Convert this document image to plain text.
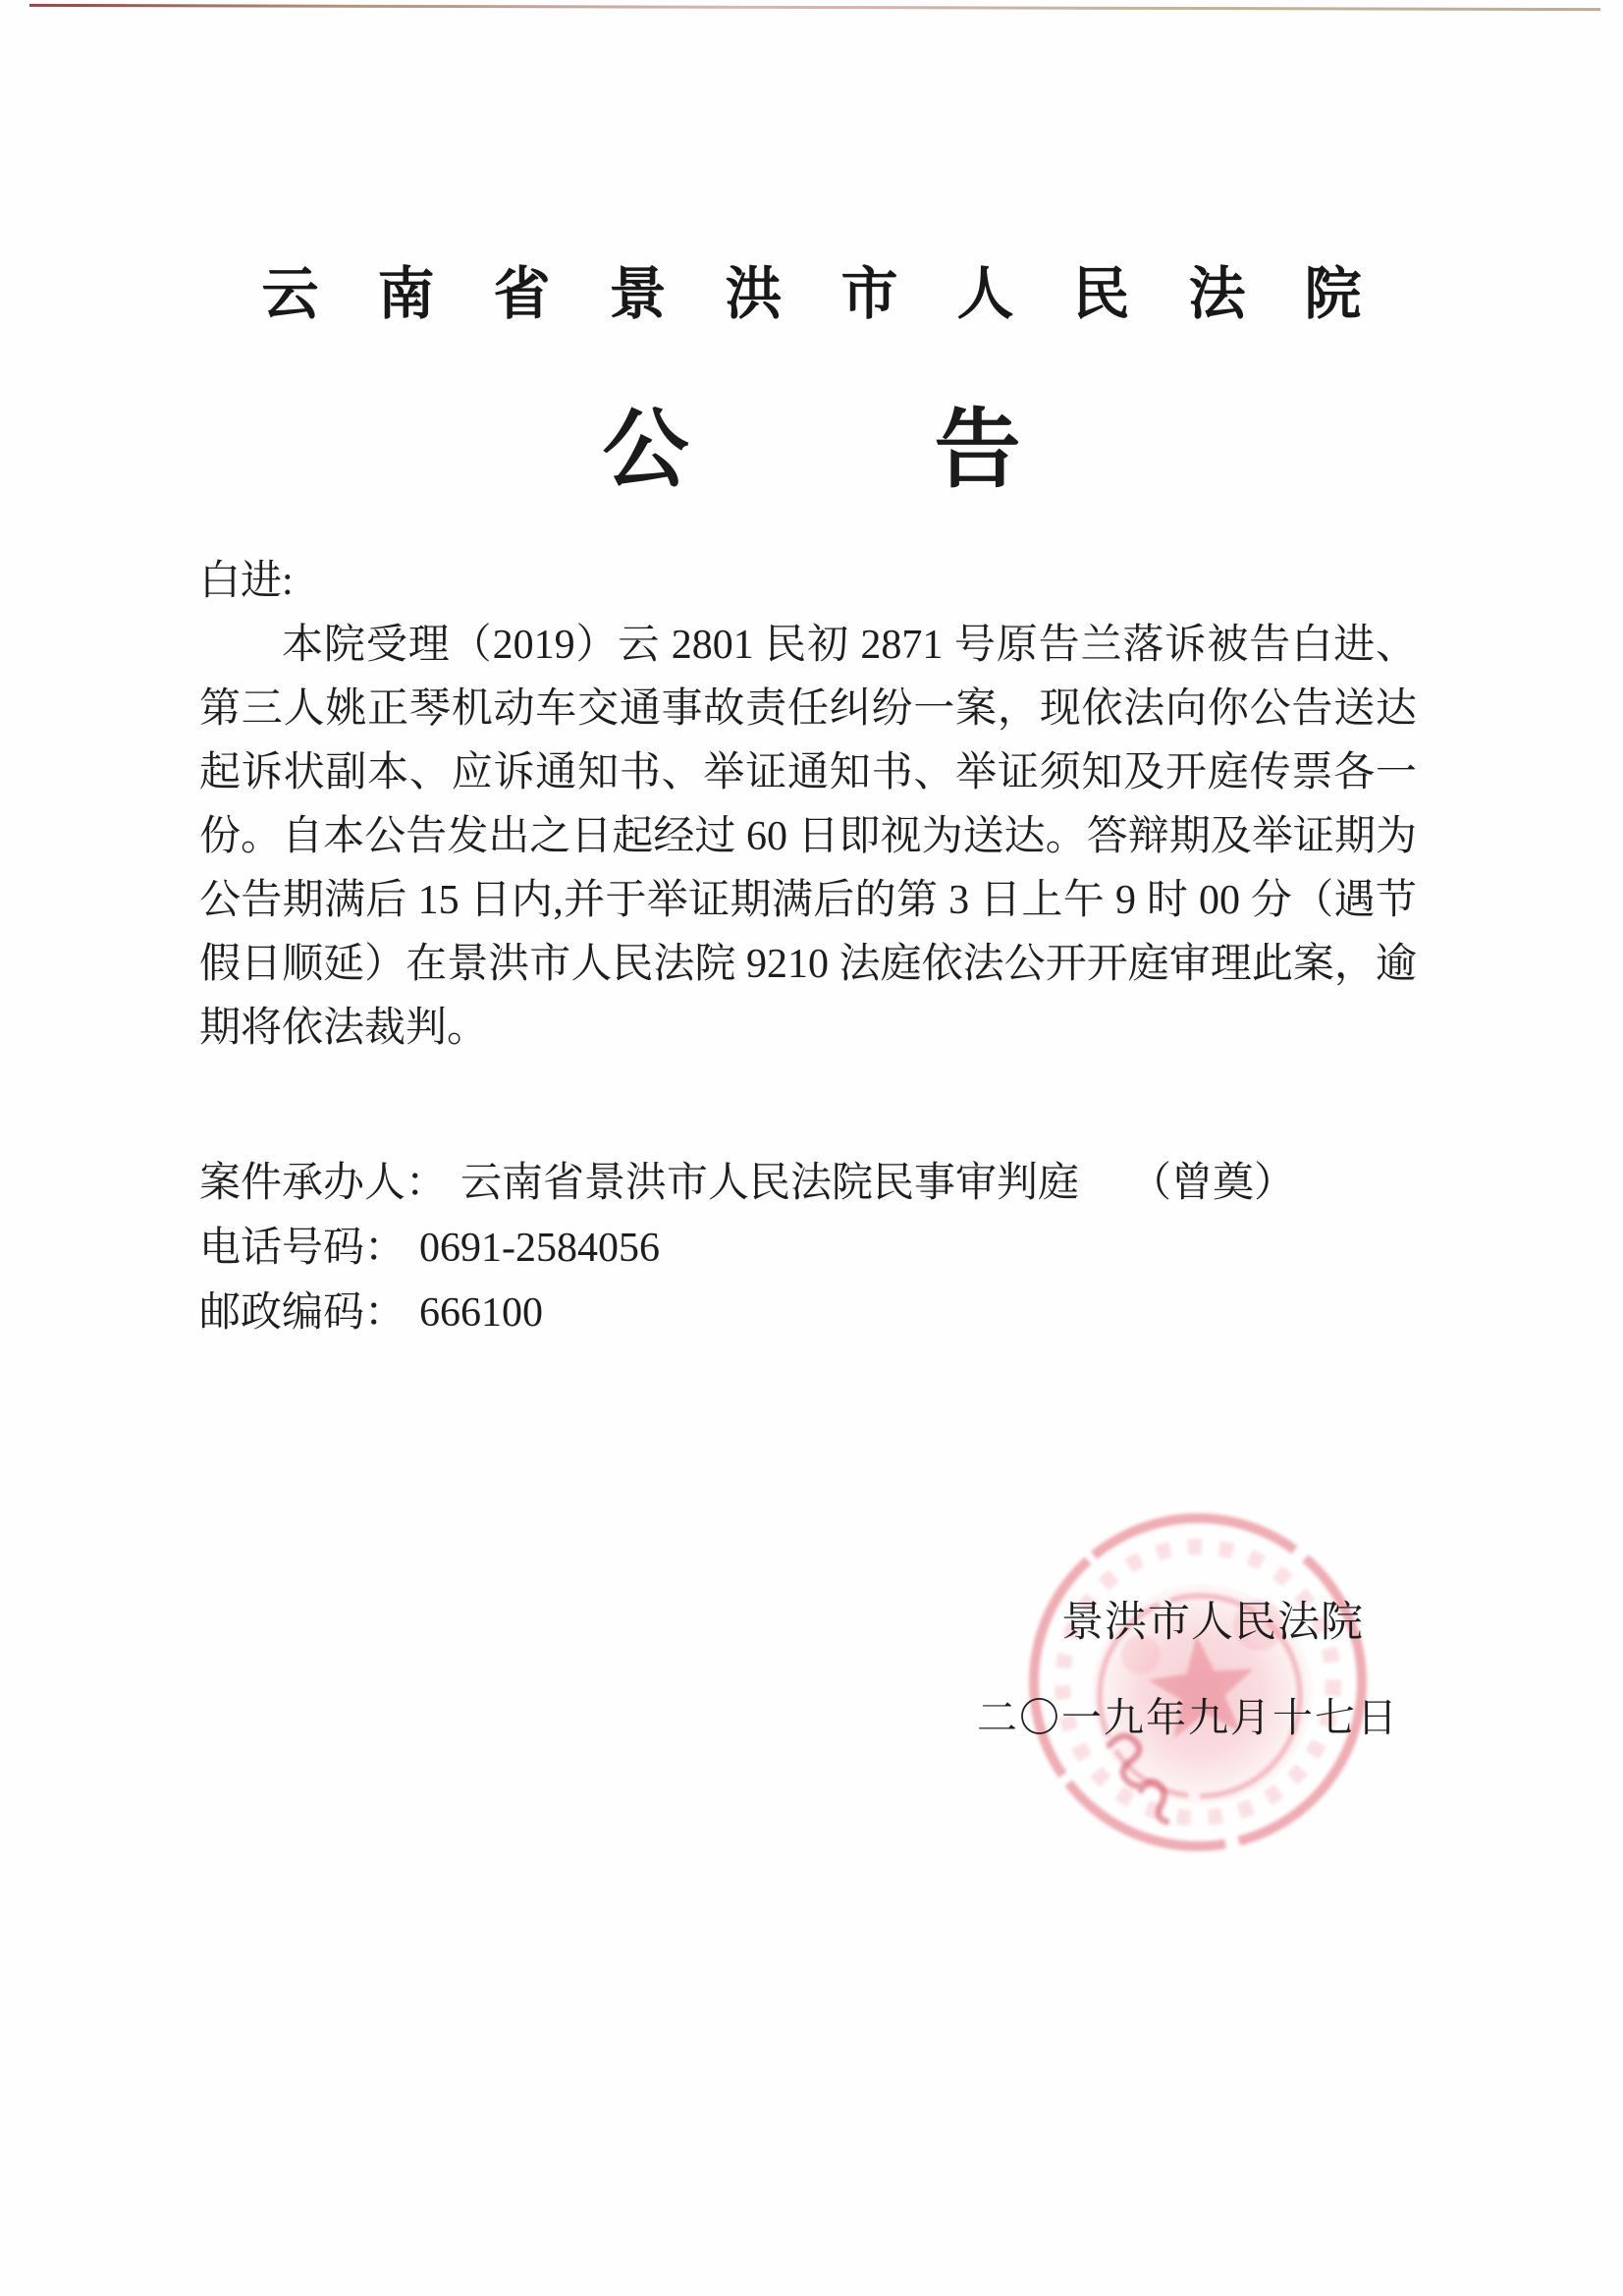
云南省景洪市人民法院
公告

白进:

本院受理（2019）云 2801 民初 2871 号原告兰落诉被告白进、第三人姚正琴机动车交通事故责任纠纷一案，现依法向你公告送达起诉状副本、应诉通知书、举证通知书、举证须知及开庭传票各一份。自本公告发出之日起经过 60 日即视为送达。答辩期及举证期为公告期满后 15 日内,并于举证期满后的第 3 日上午 9 时 00 分（遇节假日顺延）在景洪市人民法院 9210 法庭依法公开开庭审理此案，逾期将依法裁判。

案件承办人： 云南省景洪市人民法院民事审判庭 （曾奠）

电话号码： 0691-2584056

邮政编码： 666100

景洪市人民法院

二〇一九年九月十七日
